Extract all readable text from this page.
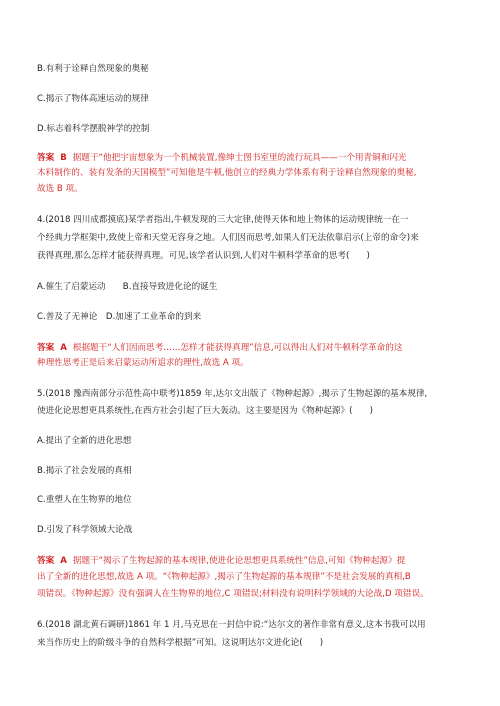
B.有利于诠释自然现象的奥秘
C.揭示了物体高速运动的规律
D.标志着科学摆脱神学的控制
答案 B 据题干“他把宇宙想象为一个机械装置,像绅士图书室里的流行玩具——一个用青铜和闪光
木料制作的、装有发条的天国模型”可知他是牛顿,他创立的经典力学体系有利于诠释自然现象的奥秘,
故选 B 项。
4.(2018 四川成都摸底)某学者指出,牛顿发现的三大定律,使得天体和地上物体的运动规律统一在一
个经典力学框架中,致使上帝和天堂无容身之地。人们因而思考,如果人们无法依靠启示(上帝的命令)来
获得真理,那么怎样才能获得真理。可见,该学者认识到,人们对牛顿科学革命的思考(　　)
A.催生了启蒙运动　　B.直接导致进化论的诞生
C.普及了无神论　D.加速了工业革命的到来
答案 A 根据题干“人们因而思考……怎样才能获得真理”信息,可以得出人们对牛顿科学革命的这
种理性思考正是后来启蒙运动所追求的理性,故选 A 项。
5.(2018 豫西南部分示范性高中联考)1859 年,达尔文出版了《物种起源》,揭示了生物起源的基本规律,
使进化论思想更具系统性,在西方社会引起了巨大轰动。这主要是因为《物种起源》(　　)
A.提出了全新的进化思想
B.揭示了社会发展的真相
C.重塑人在生物界的地位
D.引发了科学领域大论战
答案 A 据题干“揭示了生物起源的基本规律,使进化论思想更具系统性”信息,可知《物种起源》提
出了全新的进化思想,故选 A 项。“《物种起源》,揭示了生物起源的基本规律”不是社会发展的真相,B
项错误。《物种起源》没有强调人在生物界的地位,C 项错误;材料没有说明科学领域的大论战,D 项错误。
6.(2018 湖北黄石调研)1861 年 1 月,马克思在一封信中说:“达尔文的著作非常有意义,这本书我可以用
来当作历史上的阶级斗争的自然科学根据”可知。这说明达尔文进化论(　　)
